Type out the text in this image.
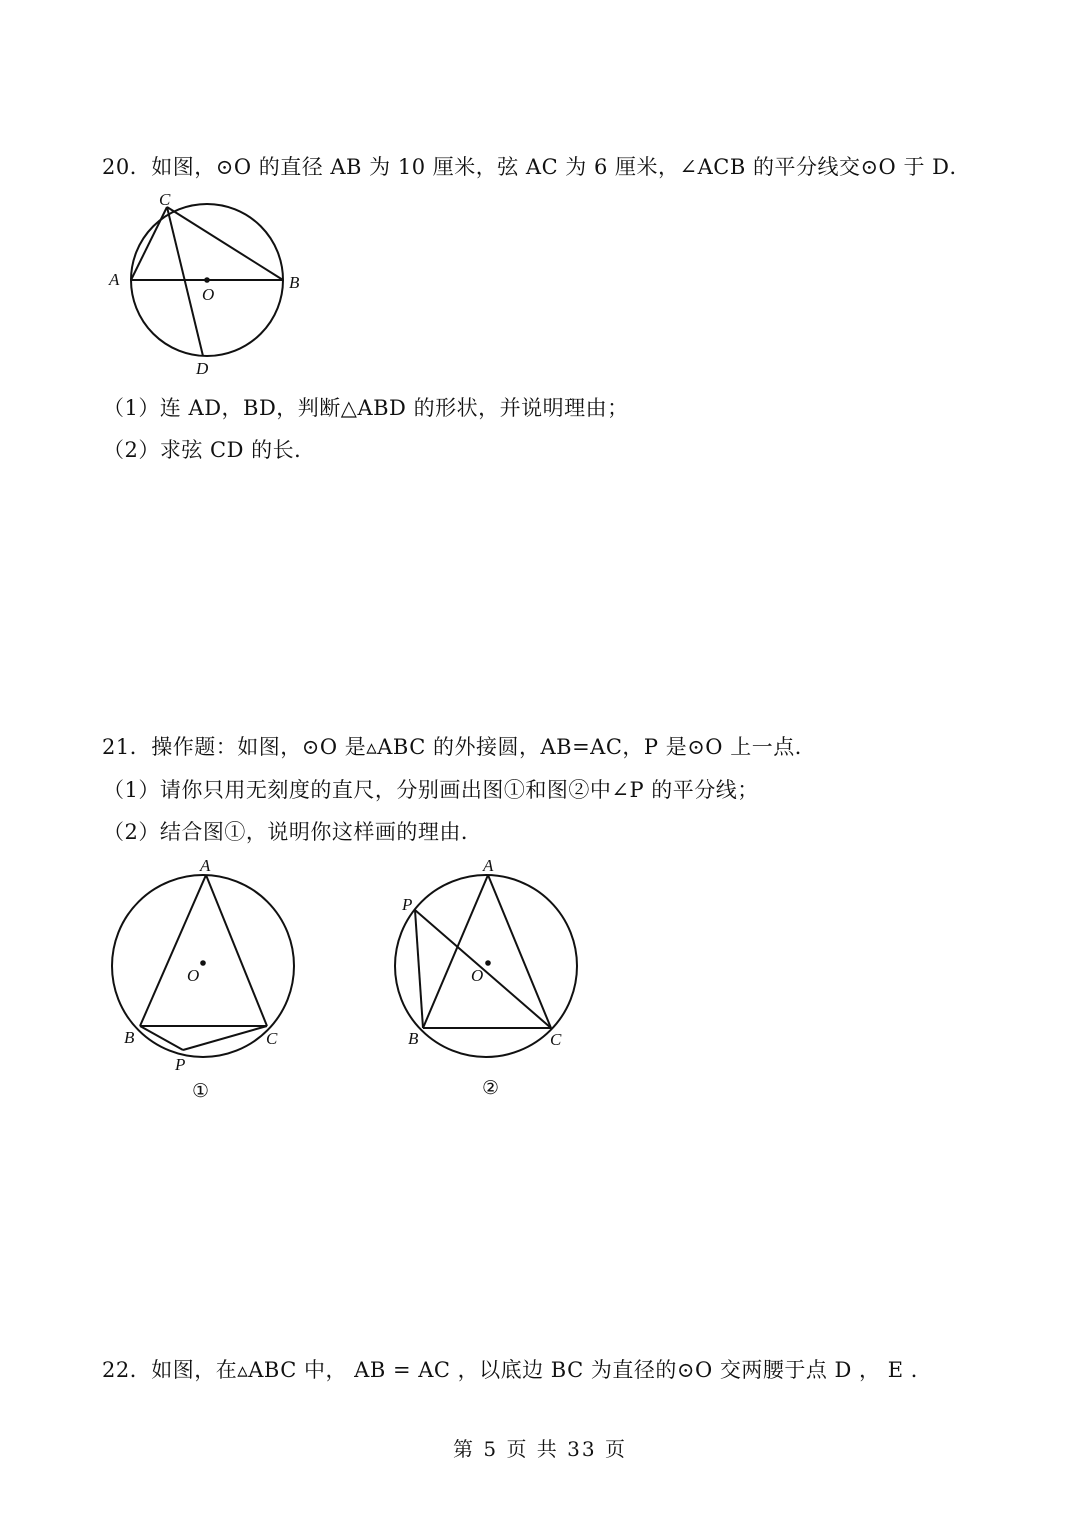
20．如图，⊙O 的直径 AB 为 10 厘米，弦 AC 为 6 厘米，∠ACB 的平分线交⊙O 于 D．
C
A	B
O
D
（1）连 AD，BD，判断△ABD 的形状，并说明理由；
（2）求弦 CD 的长．
21．操作题：如图，⊙O 是▵ABC 的外接圆，AB=AC，P 是⊙O 上一点．
（1）请你只用无刻度的直尺，分别画出图①和图②中∠P 的平分线；
（2）结合图①，说明你这样画的理由．
A
O
B	C
P
①
A
P
O
B	C
②
22．如图，在▵ABC 中， AB = AC ，以底边 BC 为直径的⊙O 交两腰于点 D ， E ．
第 5 页 共 33 页
